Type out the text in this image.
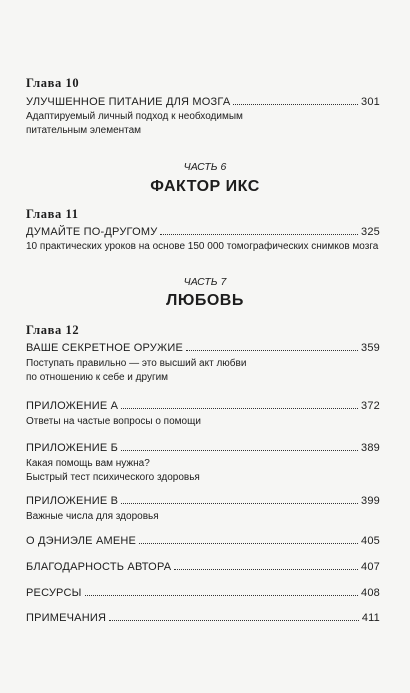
Глава 10
УЛУЧШЕННОЕ ПИТАНИЕ ДЛЯ МОЗГА	301
Адаптируемый личный подход к необходимым
питательным элементам
ЧАСТЬ 6
ФАКТОР ИКС
Глава 11
ДУМАЙТЕ ПО-ДРУГОМУ	325
10 практических уроков на основе 150 000 томографических снимков мозга
ЧАСТЬ 7
ЛЮБОВЬ
Глава 12
ВАШЕ СЕКРЕТНОЕ ОРУЖИЕ	359
Поступать правильно — это высший акт любви
по отношению к себе и другим
ПРИЛОЖЕНИЕ А	372
Ответы на частые вопросы о помощи
ПРИЛОЖЕНИЕ Б	389
Какая помощь вам нужна?
Быстрый тест психического здоровья
ПРИЛОЖЕНИЕ В	399
Важные числа для здоровья
О ДЭНИЭЛЕ АМЕНЕ	405
БЛАГОДАРНОСТЬ АВТОРА	407
РЕСУРСЫ	408
ПРИМЕЧАНИЯ	411
